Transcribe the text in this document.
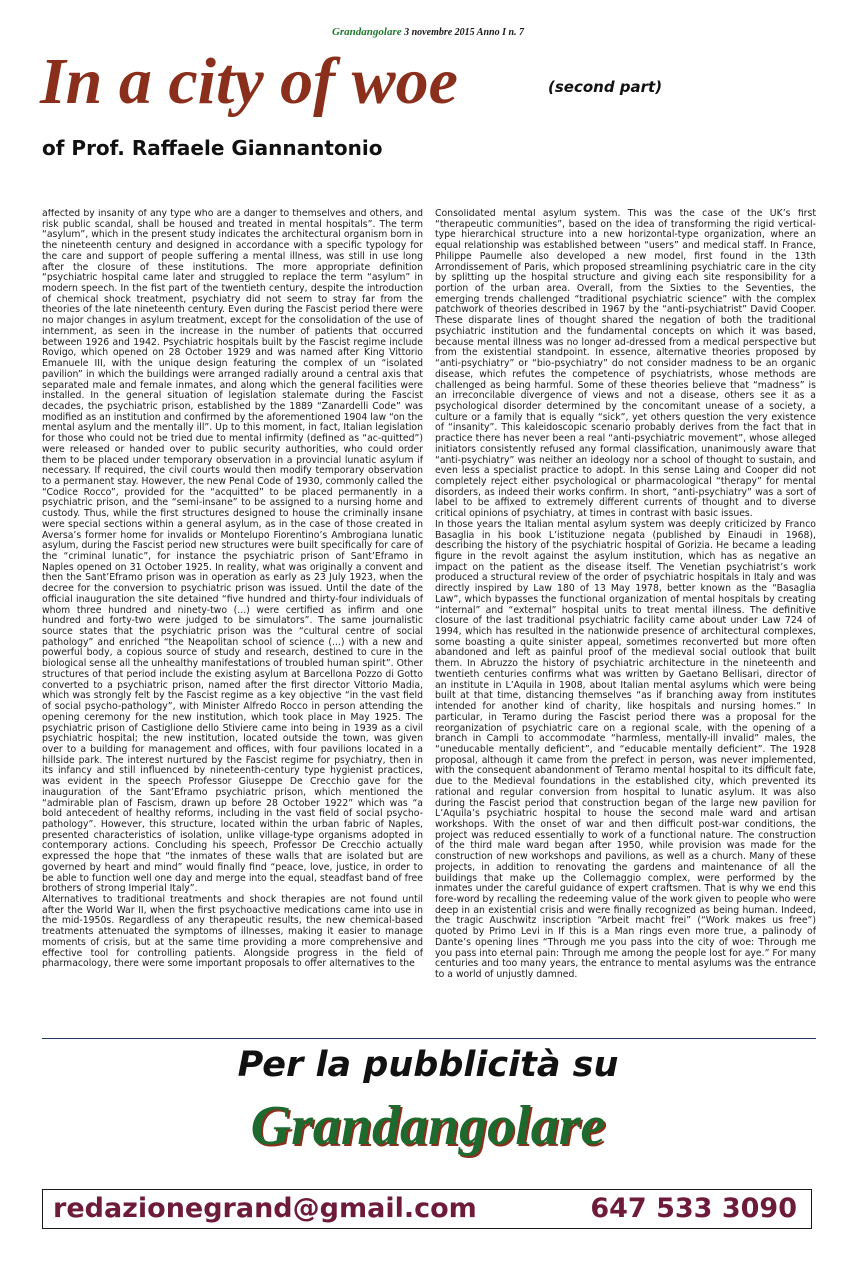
Grandangolare 3 novembre 2015 Anno I n. 7
In a city of woe	(second part)
of Prof. Raffaele Giannantonio

affected by insanity of any type who are a danger to themselves and others, and risk public scandal, shall be housed and treated in mental hospitals”. The term “asylum”, which in the present study indicates the architectural organism born in the nineteenth century and designed in accordance with a specific typology for the care and support of people suffering a mental illness, was still in use long after the closure of these institutions. The more appropriate definition “psychiatric hospital came later and struggled to replace the term “asylum” in modern speech. In the fist part of the twentieth century, despite the introduction of chemical shock treatment, psychiatry did not seem to stray far from the theories of the late nineteenth century. Even during the Fascist period there were no major changes in asylum treatment, except for the consolidation of the use of internment, as seen in the increase in the number of patients that occurred between 1926 and 1942. Psychiatric hospitals built by the Fascist regime include Rovigo, which opened on 28 October 1929 and was named after King Vittorio Emanuele III, with the unique design featuring the complex of un “isolated pavilion” in which the buildings were arranged radially around a central axis that separated male and female inmates, and along which the general facilities were installed. In the general situation of legislation stalemate during the Fascist decades, the psychiatric prison, established by the 1889 “Zanardelli Code” was modified as an institution and confirmed by the aforementioned 1904 law “on the mental asylum and the mentally ill”. Up to this moment, in fact, Italian legislation for those who could not be tried due to mental infirmity (defined as “ac-quitted”) were released or handed over to public security authorities, who could order them to be placed under temporary observation in a provincial lunatic asylum if necessary. If required, the civil courts would then modify temporary observation to a permanent stay. However, the new Penal Code of 1930, commonly called the “Codice Rocco”, provided for the “acquitted” to be placed permanently in a psychiatric prison, and the “semi-insane” to be assigned to a nursing home and custody. Thus, while the first structures designed to house the criminally insane were special sections within a general asylum, as in the case of those created in Aversa’s former home for invalids or Montelupo Fiorentino’s Ambrogiana lunatic asylum, during the Fascist period new structures were built specifically for care of the “criminal lunatic”, for instance the psychiatric prison of Sant’Eframo in Naples opened on 31 October 1925. In reality, what was originally a convent and then the Sant’Eframo prison was in operation as early as 23 July 1923, when the decree for the conversion to psychiatric prison was issued. Until the date of the official inauguration the site detained “five hundred and thirty-four individuals of whom three hundred and ninety-two (...) were certified as infirm and one hundred and forty-two were judged to be simulators”. The same journalistic source states that the psychiatric prison was the “cultural centre of social pathology” and enriched “the Neapolitan school of science (...) with a new and powerful body, a copious source of study and research, destined to cure in the biological sense all the unhealthy manifestations of troubled human spirit”. Other structures of that period include the existing asylum at Barcellona Pozzo di Gotto converted to a psychiatric prison, named after the first director Vittorio Madia, which was strongly felt by the Fascist regime as a key objective “in the vast field of social psycho-pathology”, with Minister Alfredo Rocco in person attending the opening ceremony for the new institution, which took place in May 1925. The psychiatric prison of Castiglione dello Stiviere came into being in 1939 as a civil psychiatric hospital; the new institution, located outside the town, was given over to a building for management and offices, with four pavilions located in a hillside park. The interest nurtured by the Fascist regime for psychiatry, then in its infancy and still influenced by nineteenth-century type hygienist practices, was evident in the speech Professor Giuseppe De Crecchio gave for the inauguration of the Sant’Eframo psychiatric prison, which mentioned the “admirable plan of Fascism, drawn up before 28 October 1922” which was “a bold antecedent of healthy reforms, including in the vast field of social psycho-pathology”. However, this structure, located within the urban fabric of Naples, presented characteristics of isolation, unlike village-type organisms adopted in contemporary actions. Concluding his speech, Professor De Crecchio actually expressed the hope that “the inmates of these walls that are isolated but are governed by heart and mind” would finally find “peace, love, justice, in order to be able to function well one day and merge into the equal, steadfast band of free brothers of strong Imperial Italy”.

Alternatives to traditional treatments and shock therapies are not found until after the World War II, when the first psychoactive medications came into use in the mid-1950s. Regardless of any therapeutic results, the new chemical-based treatments attenuated the symptoms of illnesses, making it easier to manage moments of crisis, but at the same time providing a more comprehensive and effective tool for controlling patients. Alongside progress in the field of pharmacology, there were some important proposals to offer alternatives to the

Consolidated mental asylum system. This was the case of the UK’s first “therapeutic communities”, based on the idea of transforming the rigid vertical-type hierarchical structure into a new horizontal-type organization, where an equal relationship was established between “users” and medical staff. In France, Philippe Paumelle also developed a new model, first found in the 13th Arrondissement of Paris, which proposed streamlining psychiatric care in the city by splitting up the hospital structure and giving each site responsibility for a portion of the urban area. Overall, from the Sixties to the Seventies, the emerging trends challenged “traditional psychiatric science” with the complex patchwork of theories described in 1967 by the “anti-psychiatrist” David Cooper. These disparate lines of thought shared the negation of both the traditional psychiatric institution and the fundamental concepts on which it was based, because mental illness was no longer ad-dressed from a medical perspective but from the existential standpoint. In essence, alternative theories proposed by “anti-psychiatry” or “bio-psychiatry” do not consider madness to be an organic disease, which refutes the competence of psychiatrists, whose methods are challenged as being harmful. Some of these theories believe that “madness” is an irreconcilable divergence of views and not a disease, others see it as a psychological disorder determined by the concomitant unease of a society, a culture or a family that is equally “sick”, yet others question the very existence of “insanity”. This kaleidoscopic scenario probably derives from the fact that in practice there has never been a real “anti-psychiatric movement”, whose alleged initiators consistently refused any formal classification, unanimously aware that “anti-psychiatry” was neither an ideology nor a school of thought to sustain, and even less a specialist practice to adopt. In this sense Laing and Cooper did not completely reject either psychological or pharmacological “therapy” for mental disorders, as indeed their works confirm. In short, “anti-psychiatry” was a sort of label to be affixed to extremely different currents of thought and to diverse critical opinions of psychiatry, at times in contrast with basic issues.

In those years the Italian mental asylum system was deeply criticized by Franco Basaglia in his book L’istituzione negata (published by Einaudi in 1968), describing the history of the psychiatric hospital of Gorizia. He became a leading figure in the revolt against the asylum institution, which has as negative an impact on the patient as the disease itself. The Venetian psychiatrist’s work produced a structural review of the order of psychiatric hospitals in Italy and was directly inspired by Law 180 of 13 May 1978, better known as the “Basaglia Law”, which bypasses the functional organization of mental hospitals by creating “internal” and “external” hospital units to treat mental illness. The definitive closure of the last traditional psychiatric facility came about under Law 724 of 1994, which has resulted in the nationwide presence of architectural complexes, some boasting a quite sinister appeal, sometimes reconverted but more often abandoned and left as painful proof of the medieval social outlook that built them. In Abruzzo the history of psychiatric architecture in the nineteenth and twentieth centuries confirms what was written by Gaetano Bellisari, director of an institute in L’Aquila in 1908, about Italian mental asylums which were being built at that time, distancing themselves “as if branching away from institutes intended for another kind of charity, like hospitals and nursing homes.” In particular, in Teramo during the Fascist period there was a proposal for the reorganization of psychiatric care on a regional scale, with the opening of a branch in Campli to accommodate “harmless, mentally-ill invalid” males, the “uneducable mentally deficient”, and “educable mentally deficient”. The 1928 proposal, although it came from the prefect in person, was never implemented, with the consequent abandonment of Teramo mental hospital to its difficult fate, due to the Medieval foundations in the established city, which prevented its rational and regular conversion from hospital to lunatic asylum. It was also during the Fascist period that construction began of the large new pavilion for L’Aquila’s psychiatric hospital to house the second male ward and artisan workshops. With the onset of war and then difficult post-war conditions, the project was reduced essentially to work of a functional nature. The construction of the third male ward began after 1950, while provision was made for the construction of new workshops and pavilions, as well as a church. Many of these projects, in addition to renovating the gardens and maintenance of all the buildings that make up the Collemaggio complex, were performed by the inmates under the careful guidance of expert craftsmen. That is why we end this fore-word by recalling the redeeming value of the work given to people who were deep in an existential crisis and were finally recognized as being human. Indeed, the tragic Auschwitz inscription “Arbeit macht frei” (“Work makes us free”) quoted by Primo Levi in If this is a Man rings even more true, a palinody of Dante’s opening lines “Through me you pass into the city of woe: Through me you pass into eternal pain: Through me among the people lost for aye.” For many centuries and too many years, the entrance to mental asylums was the entrance to a world of unjustly damned.

Per la pubblicità su
Grandangolare
redazionegrand@gmail.com	647 533 3090
